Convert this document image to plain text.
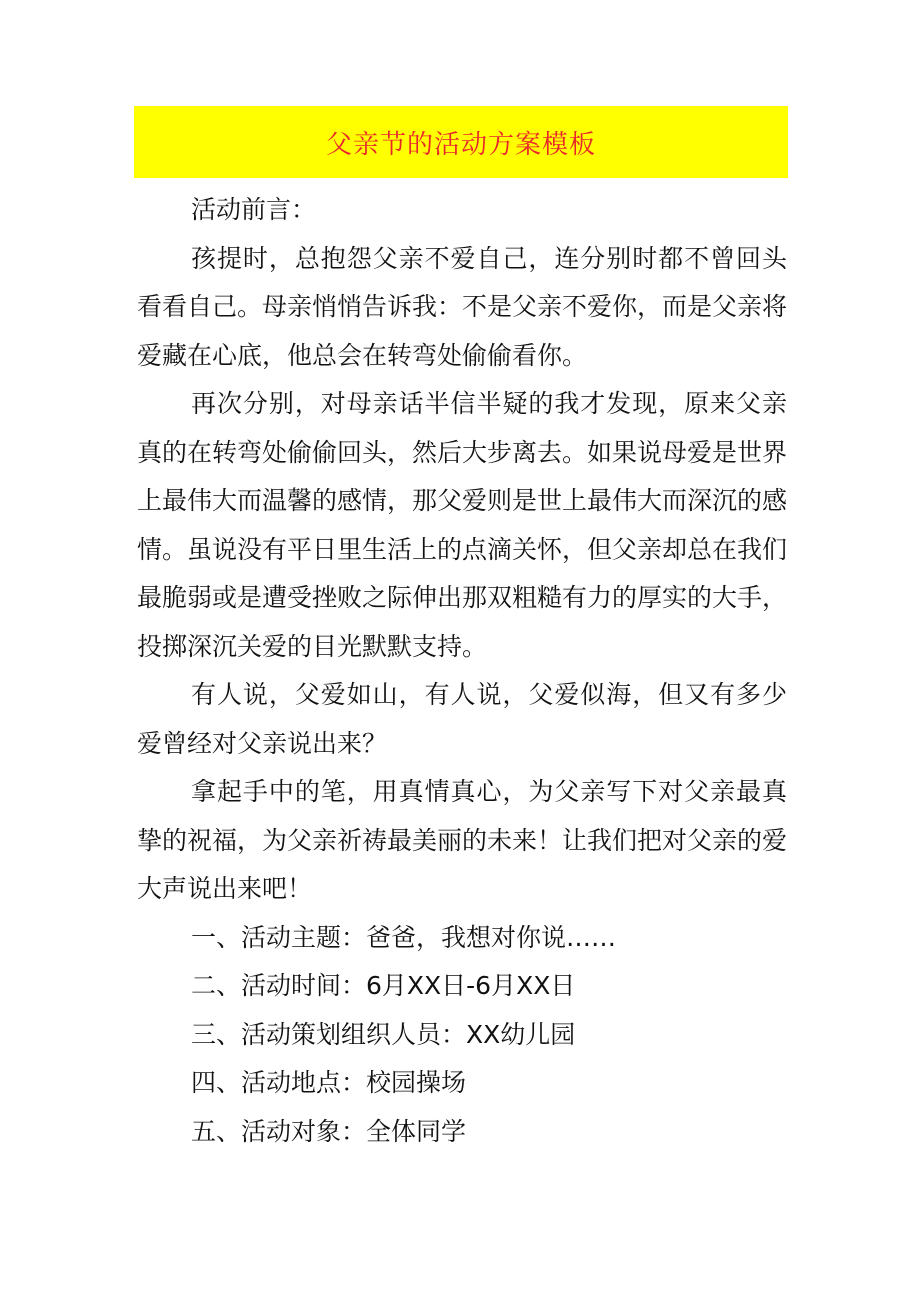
父亲节的活动方案模板

活动前言：

孩提时，总抱怨父亲不爱自己，连分别时都不曾回头看看自己。母亲悄悄告诉我：不是父亲不爱你，而是父亲将爱藏在心底，他总会在转弯处偷偷看你。

再次分别，对母亲话半信半疑的我才发现，原来父亲真的在转弯处偷偷回头，然后大步离去。如果说母爱是世界上最伟大而温馨的感情，那父爱则是世上最伟大而深沉的感情。虽说没有平日里生活上的点滴关怀，但父亲却总在我们最脆弱或是遭受挫败之际伸出那双粗糙有力的厚实的大手，投掷深沉关爱的目光默默支持。

有人说，父爱如山，有人说，父爱似海，但又有多少爱曾经对父亲说出来？

拿起手中的笔，用真情真心，为父亲写下对父亲最真挚的祝福，为父亲祈祷最美丽的未来！让我们把对父亲的爱大声说出来吧！

一、活动主题：爸爸，我想对你说……

二、活动时间：6月XX日-6月XX日

三、活动策划组织人员：XX幼儿园

四、活动地点：校园操场

五、活动对象：全体同学
